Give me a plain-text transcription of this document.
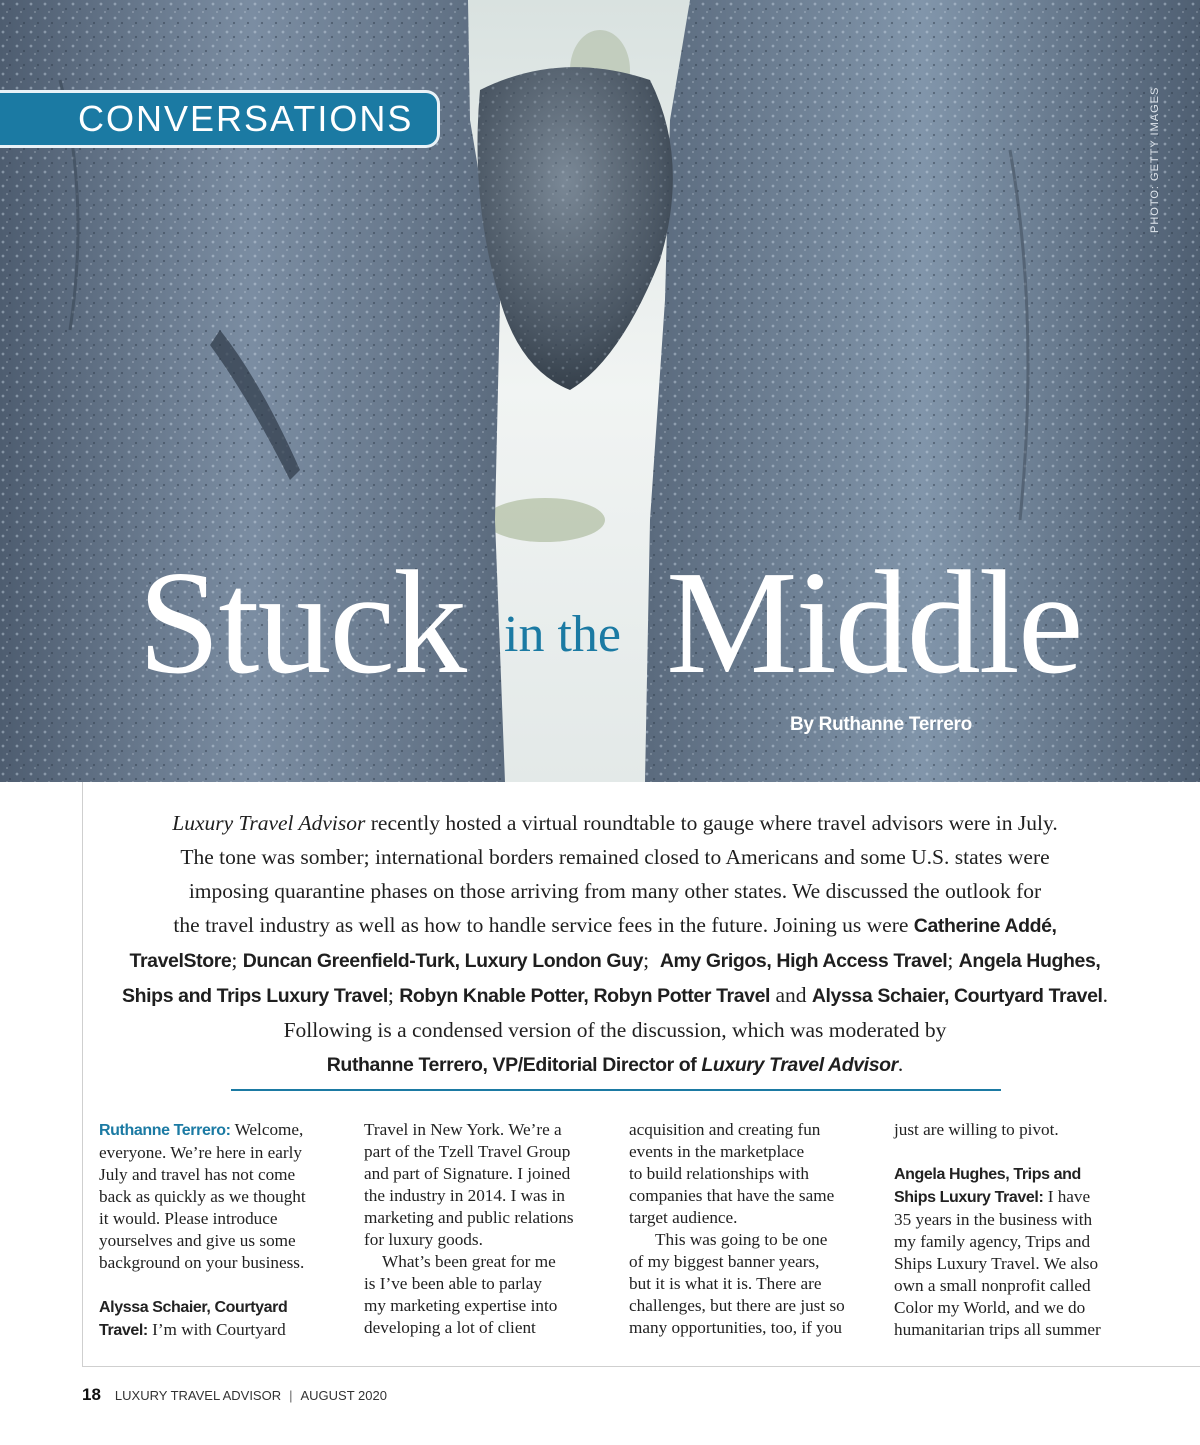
CONVERSATIONS	PHOTO: GETTY IMAGES
Stuck in the Middle
By Ruthanne Terrero
Luxury Travel Advisor recently hosted a virtual roundtable to gauge where travel advisors were in July.
The tone was somber; international borders remained closed to Americans and some U.S. states were
imposing quarantine phases on those arriving from many other states. We discussed the outlook for
the travel industry as well as how to handle service fees in the future. Joining us were Catherine Addé,
TravelStore; Duncan Greenfield-Turk, Luxury London Guy;  Amy Grigos, High Access Travel; Angela Hughes,
Ships and Trips Luxury Travel; Robyn Knable Potter, Robyn Potter Travel and Alyssa Schaier, Courtyard Travel.
Following is a condensed version of the discussion, which was moderated by
Ruthanne Terrero, VP/Editorial Director of Luxury Travel Advisor.

Ruthanne Terrero: Welcome,
everyone. We’re here in early
July and travel has not come
back as quickly as we thought
it would. Please introduce
yourselves and give us some
background on your business.

Alyssa Schaier, Courtyard
Travel: I’m with Courtyard

Travel in New York. We’re a
part of the Tzell Travel Group
and part of Signature. I joined
the industry in 2014. I was in
marketing and public relations
for luxury goods.

What’s been great for me
is I’ve been able to parlay
my marketing expertise into
developing a lot of client

acquisition and creating fun
events in the marketplace
to build relationships with
companies that have the same
target audience.

This was going to be one
of my biggest banner years,
but it is what it is. There are
challenges, but there are just so
many opportunities, too, if you

just are willing to pivot.

Angela Hughes, Trips and
Ships Luxury Travel: I have
35 years in the business with
my family agency, Trips and
Ships Luxury Travel. We also
own a small nonprofit called
Color my World, and we do
humanitarian trips all summer

18 LUXURY TRAVEL ADVISOR | AUGUST 2020
